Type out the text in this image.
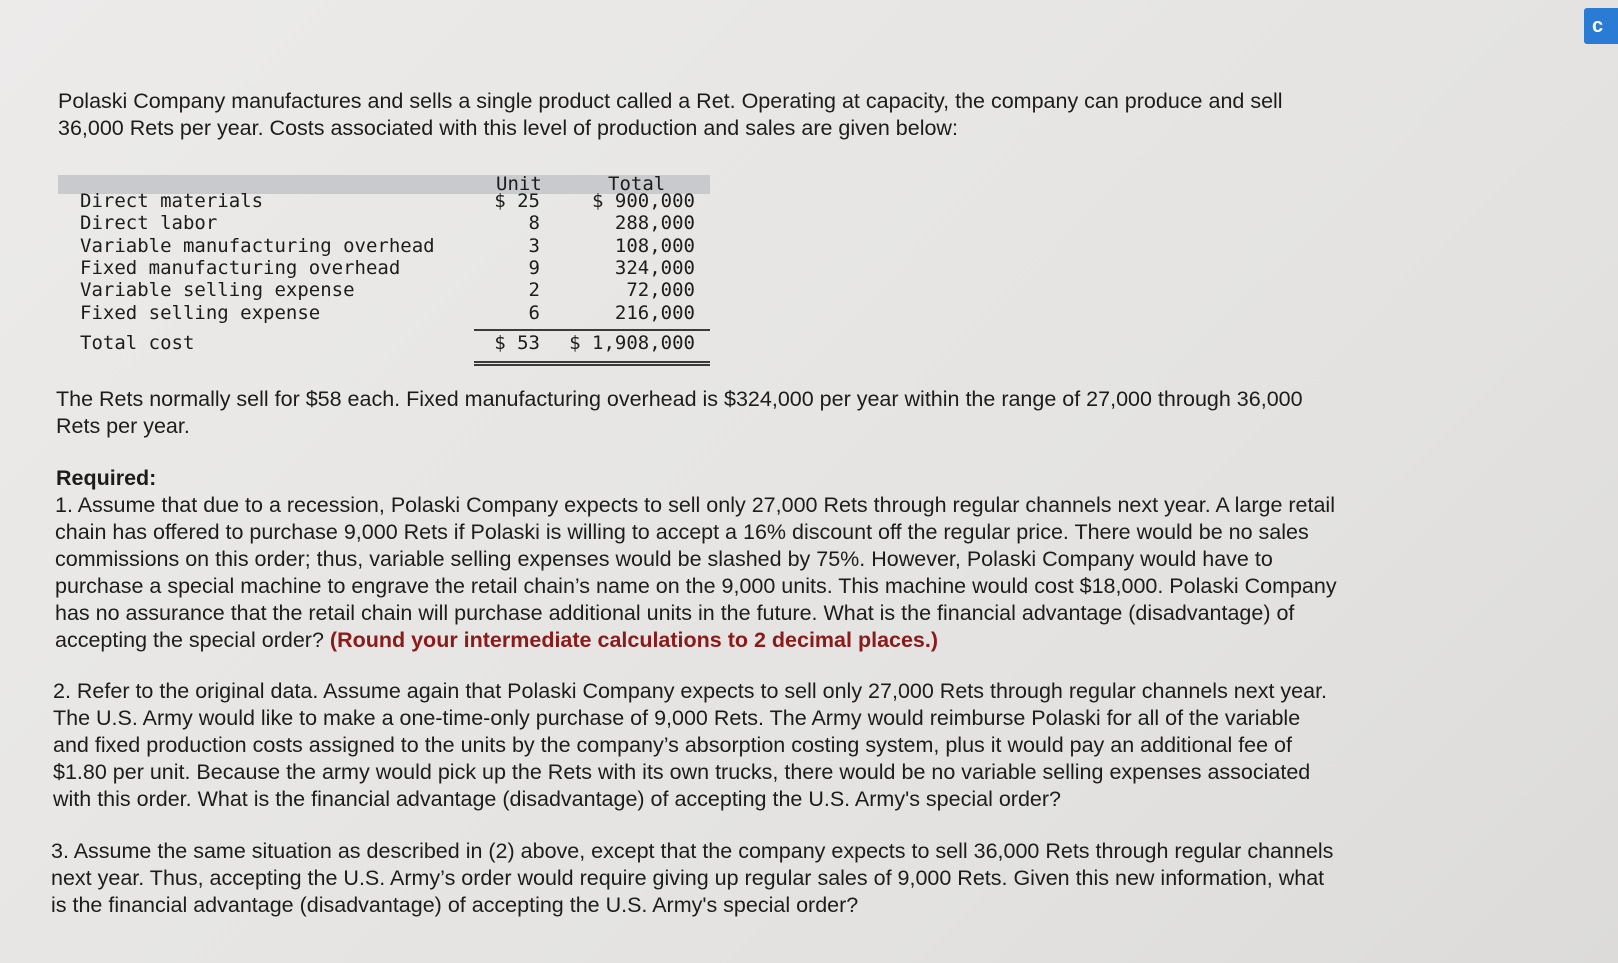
c
Polaski Company manufactures and sells a single product called a Ret. Operating at capacity, the company can produce and sell
36,000 Rets per year. Costs associated with this level of production and sales are given below:
Unit	Total
Direct materials	$ 25	$ 900,000
Direct labor	8	288,000
Variable manufacturing overhead	3	108,000
Fixed manufacturing overhead	9	324,000
Variable selling expense	2	72,000
Fixed selling expense	6	216,000
Total cost	$ 53 $ 1,908,000
The Rets normally sell for $58 each. Fixed manufacturing overhead is $324,000 per year within the range of 27,000 through 36,000
Rets per year.
Required:
1. Assume that due to a recession, Polaski Company expects to sell only 27,000 Rets through regular channels next year. A large retail
chain has offered to purchase 9,000 Rets if Polaski is willing to accept a 16% discount off the regular price. There would be no sales
commissions on this order; thus, variable selling expenses would be slashed by 75%. However, Polaski Company would have to
purchase a special machine to engrave the retail chain’s name on the 9,000 units. This machine would cost $18,000. Polaski Company
has no assurance that the retail chain will purchase additional units in the future. What is the financial advantage (disadvantage) of
accepting the special order? (Round your intermediate calculations to 2 decimal places.)
2. Refer to the original data. Assume again that Polaski Company expects to sell only 27,000 Rets through regular channels next year.
The U.S. Army would like to make a one-time-only purchase of 9,000 Rets. The Army would reimburse Polaski for all of the variable
and fixed production costs assigned to the units by the company’s absorption costing system, plus it would pay an additional fee of
$1.80 per unit. Because the army would pick up the Rets with its own trucks, there would be no variable selling expenses associated
with this order. What is the financial advantage (disadvantage) of accepting the U.S. Army's special order?
3. Assume the same situation as described in (2) above, except that the company expects to sell 36,000 Rets through regular channels
next year. Thus, accepting the U.S. Army’s order would require giving up regular sales of 9,000 Rets. Given this new information, what
is the financial advantage (disadvantage) of accepting the U.S. Army's special order?
